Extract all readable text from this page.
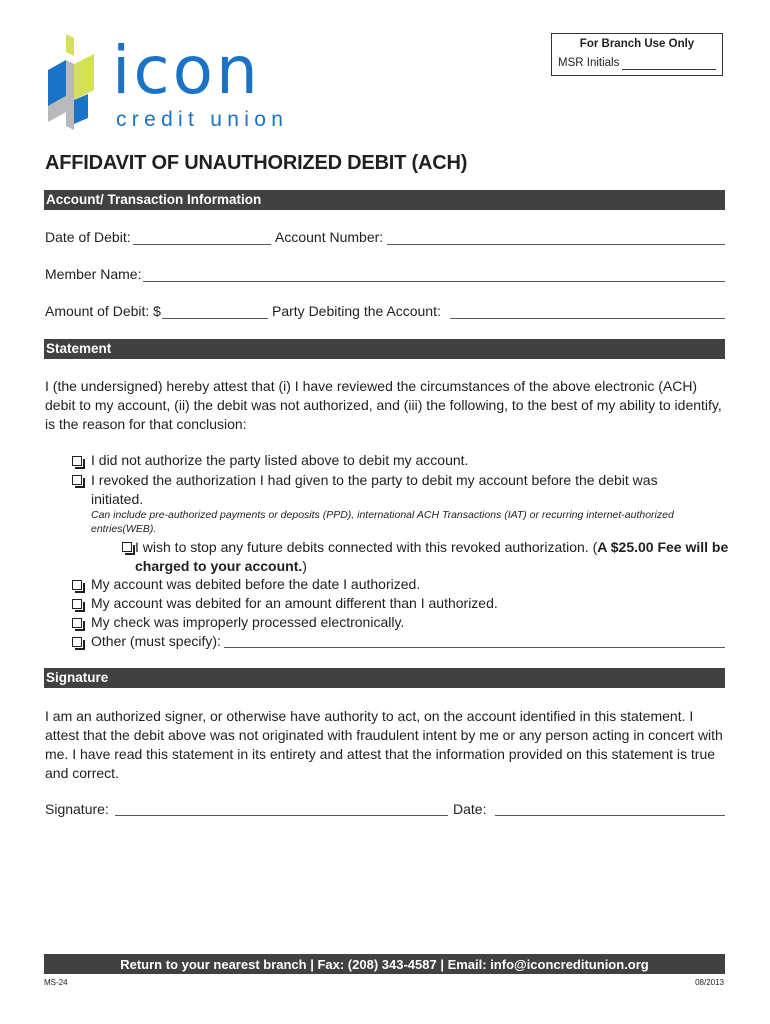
icon
credit union
For Branch Use Only
MSR Initials
AFFIDAVIT OF UNAUTHORIZED DEBIT (ACH)
Account/ Transaction Information
Date of Debit:	Account Number:
Member Name:
Amount of Debit: $	Party Debiting the Account:
Statement
I (the undersigned) hereby attest that (i) I have reviewed the circumstances of the above electronic (ACH) debit to my account, (ii) the debit was not authorized, and (iii) the following, to the best of my ability to identify, is the reason for that conclusion:
I did not authorize the party listed above to debit my account.
I revoked the authorization I had given to the party to debit my account before the debit was initiated.
Can include pre-authorized payments or deposits (PPD), international ACH Transactions (IAT) or recurring internet-authorized entries(WEB).
I wish to stop any future debits connected with this revoked authorization. (A $25.00 Fee will be charged to your account.)
My account was debited before the date I authorized.
My account was debited for an amount different than I authorized.
My check was improperly processed electronically.
Other (must specify):
Signature
I am an authorized signer, or otherwise have authority to act, on the account identified in this statement. I attest that the debit above was not originated with fraudulent intent by me or any person acting in concert with me. I have read this statement in its entirety and attest that the information provided on this statement is true and correct.
Signature:	Date:
Return to your nearest branch | Fax: (208) 343-4587 | Email: info@iconcreditunion.org
MS-24	08/2013
